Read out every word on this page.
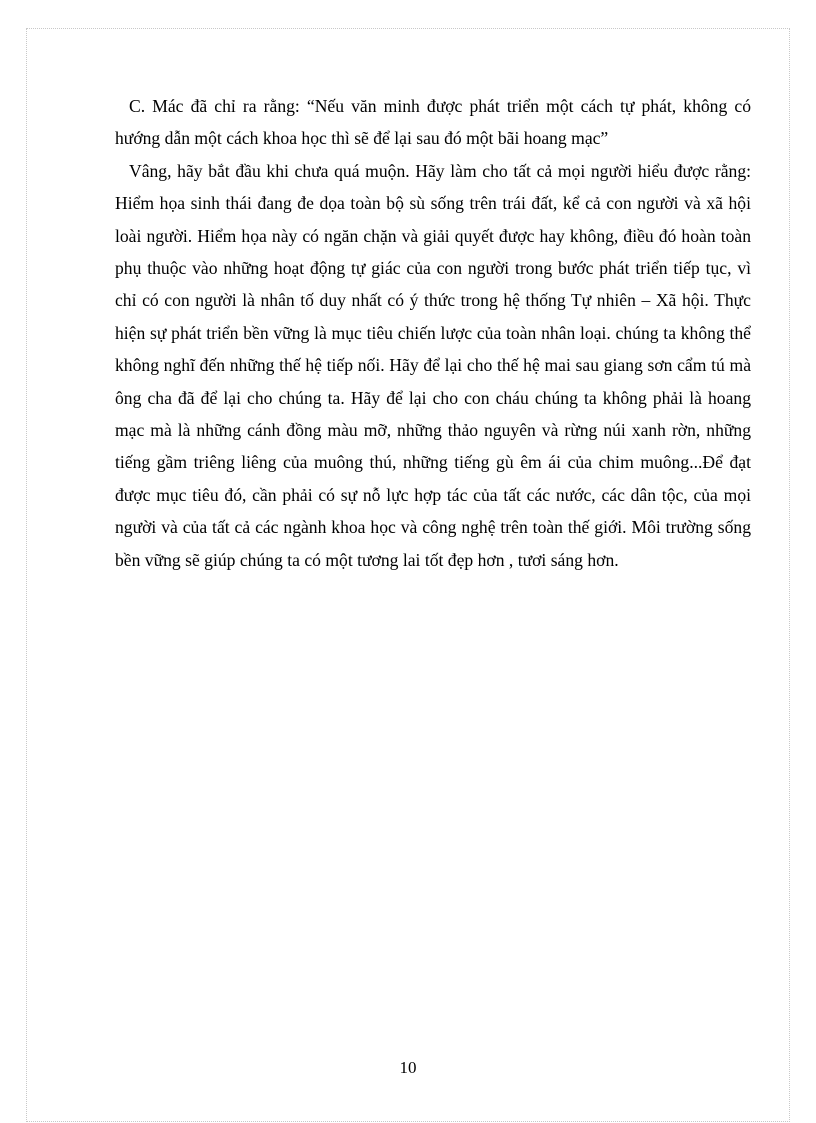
C. Mác đã chỉ ra rằng: “Nếu văn minh được phát triển một cách tự phát, không có hướng dẫn một cách khoa học thì sẽ để lại sau đó một bãi hoang mạc”

Vâng, hãy bắt đầu khi chưa quá muộn. Hãy làm cho tất cả mọi người hiểu được rằng: Hiểm họa sinh thái đang đe dọa toàn bộ sù sống trên trái đất, kể cả con người và xã hội loài người. Hiểm họa này có ngăn chặn và giải quyết được hay không, điều đó hoàn toàn phụ thuộc vào những hoạt động tự giác của con người trong bước phát triển tiếp tục, vì chỉ có con người là nhân tố duy nhất có ý thức trong hệ thống Tự nhiên – Xã hội. Thực hiện sự phát triển bền vững là mục tiêu chiến lược của toàn nhân loại. chúng ta không thể không nghĩ đến những thế hệ tiếp nối. Hãy để lại cho thế hệ mai sau giang sơn cẩm tú mà ông cha đã để lại cho chúng ta. Hãy để lại cho con cháu chúng ta không phải là hoang mạc mà là những cánh đồng màu mỡ, những thảo nguyên và rừng núi xanh rờn, những tiếng gầm triêng liêng của muông thú, những tiếng gù êm ái của chim muông...Để đạt được mục tiêu đó, cần phải có sự nỗ lực hợp tác của tất các nước, các dân tộc, của mọi người và của tất cả các ngành khoa học và công nghệ trên toàn thế giới. Môi trường sống bền vững sẽ giúp chúng ta có một tương lai tốt đẹp hơn , tươi sáng hơn.

10
